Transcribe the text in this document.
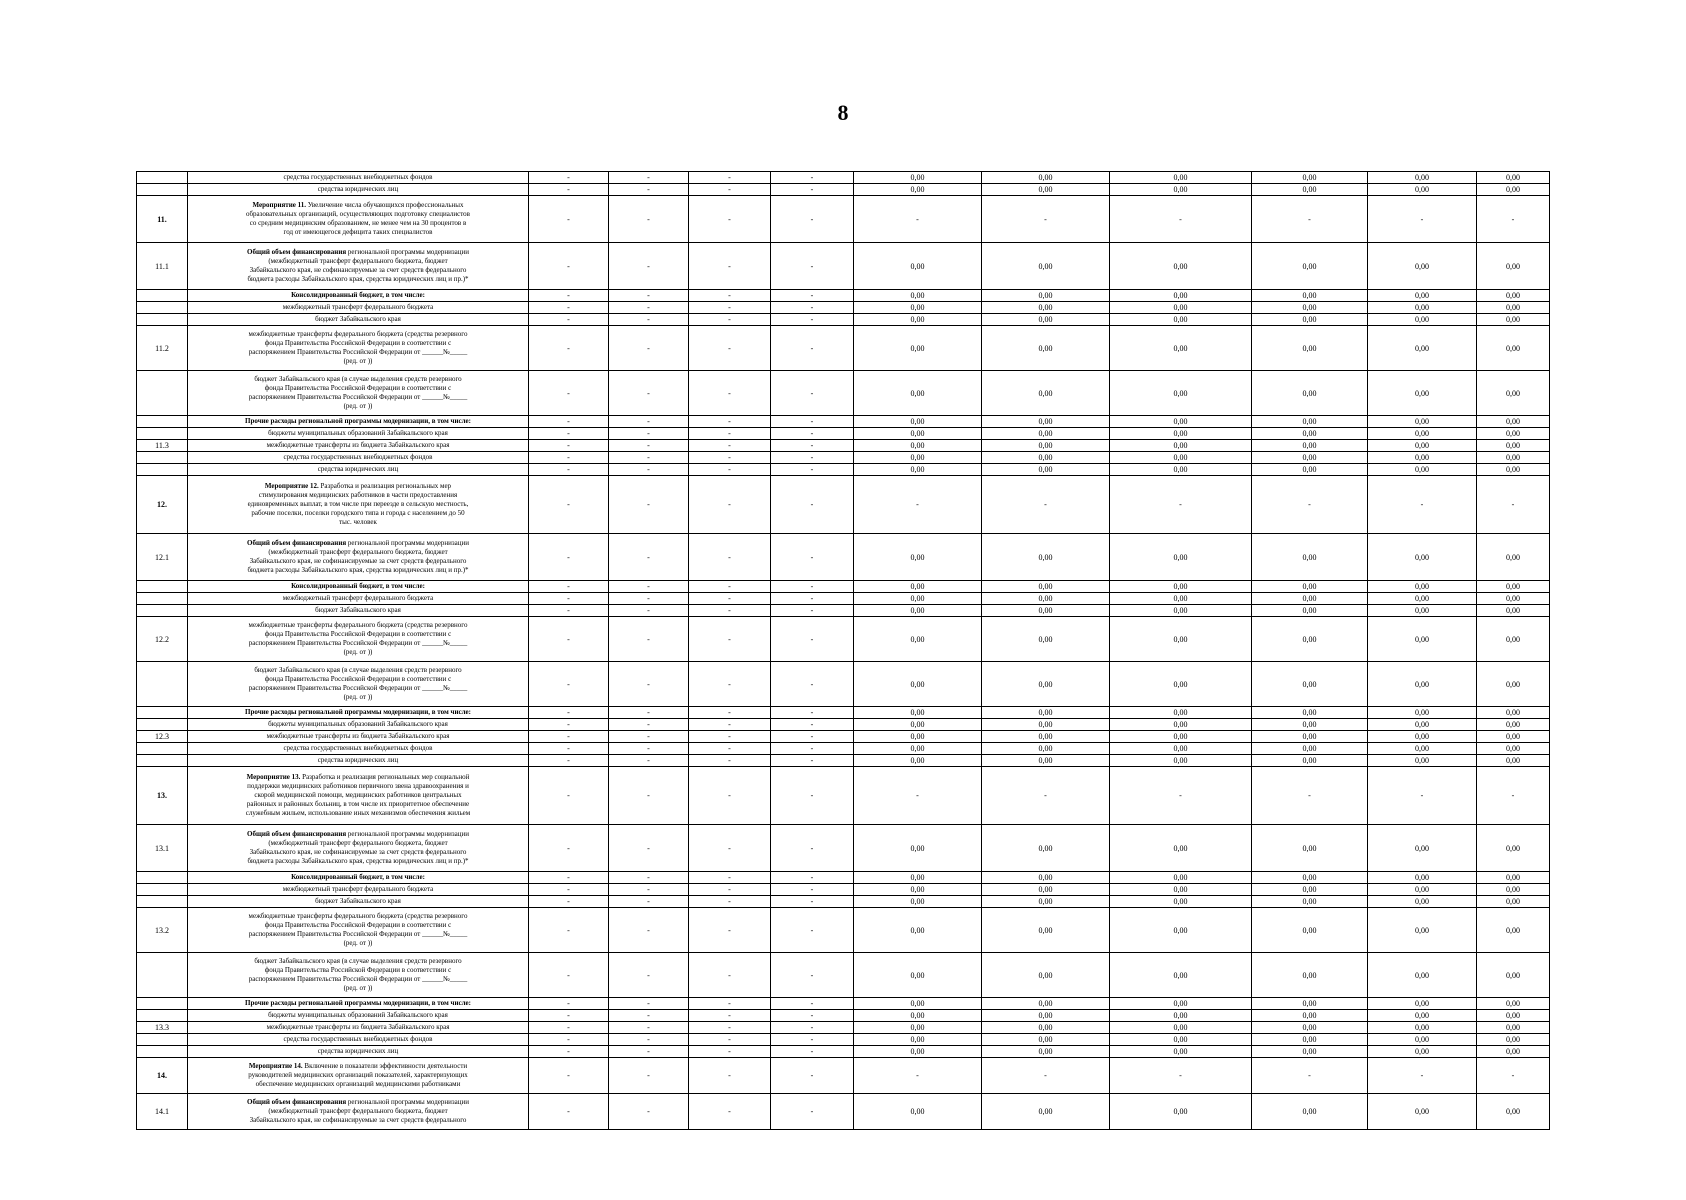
8
	средства государственных внебюджетных фондов	-	-	-	-	0,00	0,00	0,00	0,00	0,00	0,00
	средства юридических лиц	-	-	-	-	0,00	0,00	0,00	0,00	0,00	0,00
11.	Мероприятие 11. Увеличение числа обучающихся профессиональных
образовательных организаций, осуществляющих подготовку специалистов
со средним медицинским образованием, не менее чем на 30 процентов в
год от имеющегося дефицита таких специалистов	-	-	-	-	-	-	-	-	-	-
11.1	Общий объем финансирования региональной программы модернизации
(межбюджетный трансферт федерального бюджета, бюджет
Забайкальского края, не софинансируемые за счет средств федерального
бюджета расходы Забайкальского края, средства юридических лиц и пр.)*	-	-	-	-	0,00	0,00	0,00	0,00	0,00	0,00
	Консолидированный бюджет, в том числе:	-	-	-	-	0,00	0,00	0,00	0,00	0,00	0,00
	межбюджетный трансферт федерального бюджета	-	-	-	-	0,00	0,00	0,00	0,00	0,00	0,00
	бюджет Забайкальского края	-	-	-	-	0,00	0,00	0,00	0,00	0,00	0,00
11.2	межбюджетные трансферты федерального бюджета (средства резервного
фонда Правительства Российской Федерации в соответствии с
распоряжением Правительства Российской Федерации от ______№_____
(ред. от ))	-	-	-	-	0,00	0,00	0,00	0,00	0,00	0,00
	бюджет Забайкальского края (в случае выделения средств резервного
фонда Правительства Российской Федерации в соответствии с
распоряжением Правительства Российской Федерации от ______№_____
(ред. от ))	-	-	-	-	0,00	0,00	0,00	0,00	0,00	0,00
	Прочие расходы региональной программы модернизации, в том числе:	-	-	-	-	0,00	0,00	0,00	0,00	0,00	0,00
	бюджеты муниципальных образований Забайкальского края	-	-	-	-	0,00	0,00	0,00	0,00	0,00	0,00
11.3	межбюджетные трансферты из бюджета Забайкальского края	-	-	-	-	0,00	0,00	0,00	0,00	0,00	0,00
	средства государственных внебюджетных фондов	-	-	-	-	0,00	0,00	0,00	0,00	0,00	0,00
	средства юридических лиц	-	-	-	-	0,00	0,00	0,00	0,00	0,00	0,00
12.	Мероприятие 12. Разработка и реализация региональных мер
стимулирования медицинских работников в части предоставления
единовременных выплат, в том числе при переезде в сельскую местность,
рабочие поселки, поселки городского типа и города с населением до 50
тыс. человек	-	-	-	-	-	-	-	-	-	-
12.1	Общий объем финансирования региональной программы модернизации
(межбюджетный трансферт федерального бюджета, бюджет
Забайкальского края, не софинансируемые за счет средств федерального
бюджета расходы Забайкальского края, средства юридических лиц и пр.)*	-	-	-	-	0,00	0,00	0,00	0,00	0,00	0,00
	Консолидированный бюджет, в том числе:	-	-	-	-	0,00	0,00	0,00	0,00	0,00	0,00
	межбюджетный трансферт федерального бюджета	-	-	-	-	0,00	0,00	0,00	0,00	0,00	0,00
	бюджет Забайкальского края	-	-	-	-	0,00	0,00	0,00	0,00	0,00	0,00
12.2	межбюджетные трансферты федерального бюджета (средства резервного
фонда Правительства Российской Федерации в соответствии с
распоряжением Правительства Российской Федерации от ______№_____
(ред. от ))	-	-	-	-	0,00	0,00	0,00	0,00	0,00	0,00
	бюджет Забайкальского края (в случае выделения средств резервного
фонда Правительства Российской Федерации в соответствии с
распоряжением Правительства Российской Федерации от ______№_____
(ред. от ))	-	-	-	-	0,00	0,00	0,00	0,00	0,00	0,00
	Прочие расходы региональной программы модернизации, в том числе:	-	-	-	-	0,00	0,00	0,00	0,00	0,00	0,00
	бюджеты муниципальных образований Забайкальского края	-	-	-	-	0,00	0,00	0,00	0,00	0,00	0,00
12.3	межбюджетные трансферты из бюджета Забайкальского края	-	-	-	-	0,00	0,00	0,00	0,00	0,00	0,00
	средства государственных внебюджетных фондов	-	-	-	-	0,00	0,00	0,00	0,00	0,00	0,00
	средства юридических лиц	-	-	-	-	0,00	0,00	0,00	0,00	0,00	0,00
13.	Мероприятие 13. Разработка и реализация региональных мер социальной
поддержки медицинских работников первичного звена здравоохранения и
скорой медицинской помощи, медицинских работников центральных
районных и районных больниц, в том числе их приоритетное обеспечение
служебным жильем, использование иных механизмов обеспечения жильем	-	-	-	-	-	-	-	-	-	-
13.1	Общий объем финансирования региональной программы модернизации
(межбюджетный трансферт федерального бюджета, бюджет
Забайкальского края, не софинансируемые за счет средств федерального
бюджета расходы Забайкальского края, средства юридических лиц и пр.)*	-	-	-	-	0,00	0,00	0,00	0,00	0,00	0,00
	Консолидированный бюджет, в том числе:	-	-	-	-	0,00	0,00	0,00	0,00	0,00	0,00
	межбюджетный трансферт федерального бюджета	-	-	-	-	0,00	0,00	0,00	0,00	0,00	0,00
	бюджет Забайкальского края	-	-	-	-	0,00	0,00	0,00	0,00	0,00	0,00
13.2	межбюджетные трансферты федерального бюджета (средства резервного
фонда Правительства Российской Федерации в соответствии с
распоряжением Правительства Российской Федерации от ______№_____
(ред. от ))	-	-	-	-	0,00	0,00	0,00	0,00	0,00	0,00
	бюджет Забайкальского края (в случае выделения средств резервного
фонда Правительства Российской Федерации в соответствии с
распоряжением Правительства Российской Федерации от ______№_____
(ред. от ))	-	-	-	-	0,00	0,00	0,00	0,00	0,00	0,00
	Прочие расходы региональной программы модернизации, в том числе:	-	-	-	-	0,00	0,00	0,00	0,00	0,00	0,00
	бюджеты муниципальных образований Забайкальского края	-	-	-	-	0,00	0,00	0,00	0,00	0,00	0,00
13.3	межбюджетные трансферты из бюджета Забайкальского края	-	-	-	-	0,00	0,00	0,00	0,00	0,00	0,00
	средства государственных внебюджетных фондов	-	-	-	-	0,00	0,00	0,00	0,00	0,00	0,00
	средства юридических лиц	-	-	-	-	0,00	0,00	0,00	0,00	0,00	0,00
14.	Мероприятие 14. Включение в показатели эффективности деятельности
руководителей медицинских организаций показателей, характеризующих
обеспечение медицинских организаций медицинскими работниками	-	-	-	-	-	-	-	-	-	-
14.1	Общий объем финансирования региональной программы модернизации
(межбюджетный трансферт федерального бюджета, бюджет
Забайкальского края, не софинансируемые за счет средств федерального	-	-	-	-	0,00	0,00	0,00	0,00	0,00	0,00
